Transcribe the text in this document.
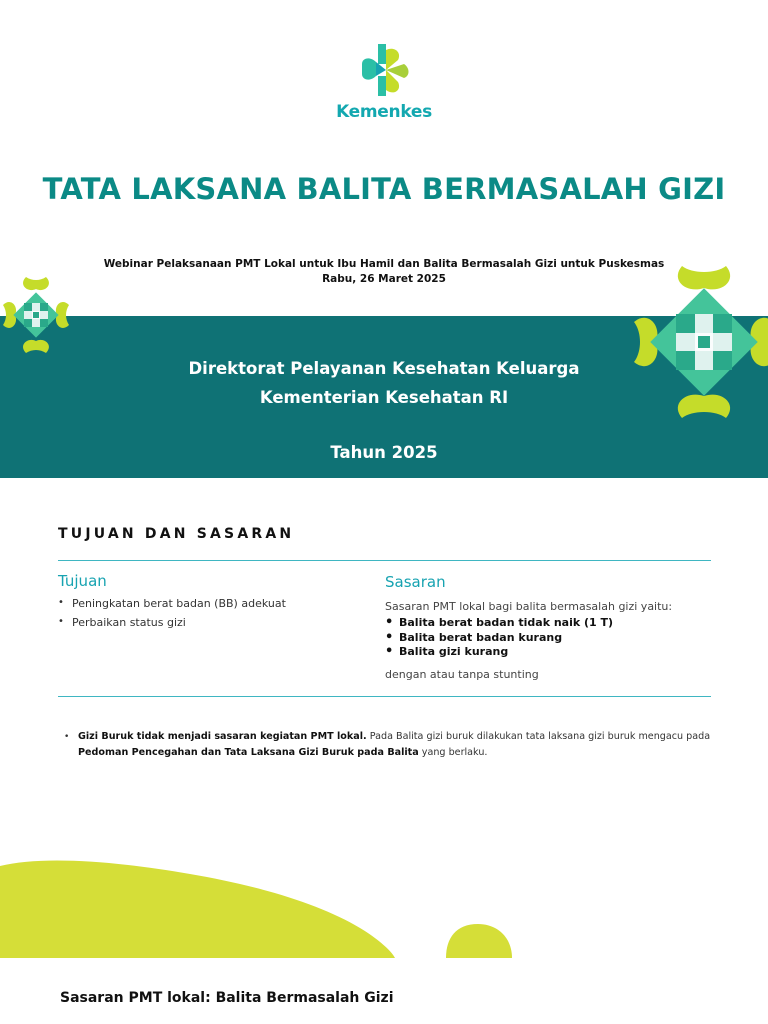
Kemenkes
TATA LAKSANA BALITA BERMASALAH GIZI
Webinar Pelaksanaan PMT Lokal untuk Ibu Hamil dan Balita Bermasalah Gizi untuk Puskesmas
Rabu, 26 Maret 2025
Direktorat Pelayanan Kesehatan Keluarga
Kementerian Kesehatan RI
Tahun 2025
TUJUAN DAN SASARAN
Tujuan
• Peningkatan berat badan (BB) adekuat
• Perbaikan status gizi
Sasaran
Sasaran PMT lokal bagi balita bermasalah gizi yaitu:
• Balita berat badan tidak naik (1 T)
• Balita berat badan kurang
• Balita gizi kurang
dengan atau tanpa stunting
• Gizi Buruk tidak menjadi sasaran kegiatan PMT lokal. Pada Balita gizi buruk dilakukan tata laksana gizi buruk mengacu pada Pedoman Pencegahan dan Tata Laksana Gizi Buruk pada Balita yang berlaku.
Sasaran PMT lokal: Balita Bermasalah Gizi
